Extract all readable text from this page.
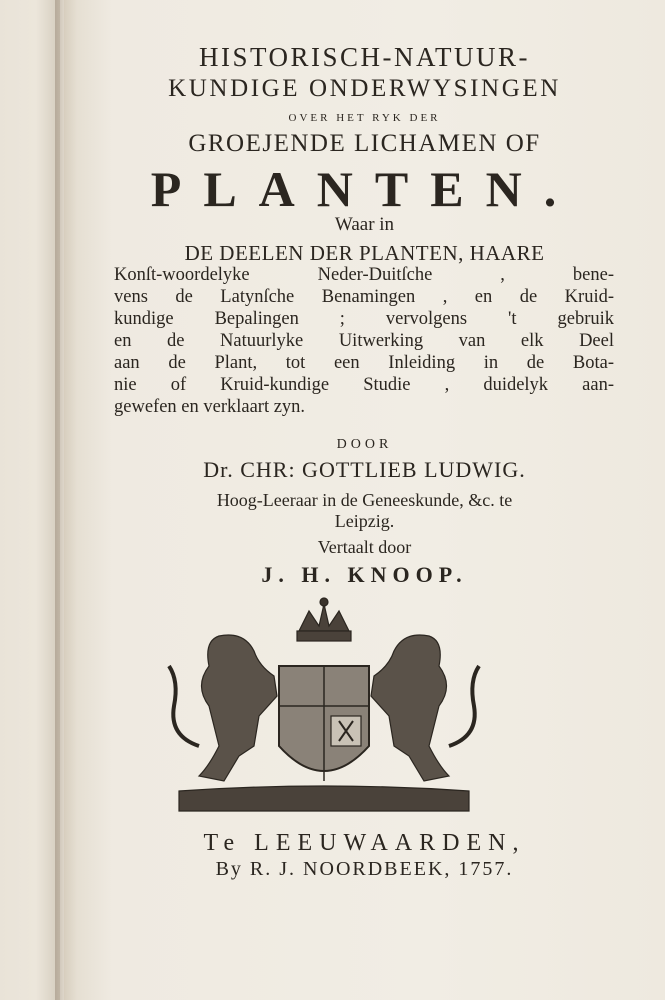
HISTORISCH-NATUUR-
KUNDIGE ONDERWYSINGEN
OVER HET RYK DER
GROEJENDE LICHAMEN OF
PLANTEN.
Waar in
DE DEELEN DER PLANTEN, HAARE
Konſt-woordelyke Neder-Duitſche , bene-
vens de Latynſche Benamingen , en de Kruid-
kundige Bepalingen ; vervolgens 't gebruik
en de Natuurlyke Uitwerking van elk Deel
aan de Plant, tot een Inleiding in de Bota-
nie of Kruid-kundige Studie , duidelyk aan-
gewefen en verklaart zyn.
DOOR
Dr. CHR: GOTTLIEB LUDWIG.
Hoog-Leeraar in de Geneeskunde, &c. te
Leipzig.
Vertaalt door
J. H. KNOOP.
Te LEEUWAARDEN,
By R. J. NOORDBEEK, 1757.
